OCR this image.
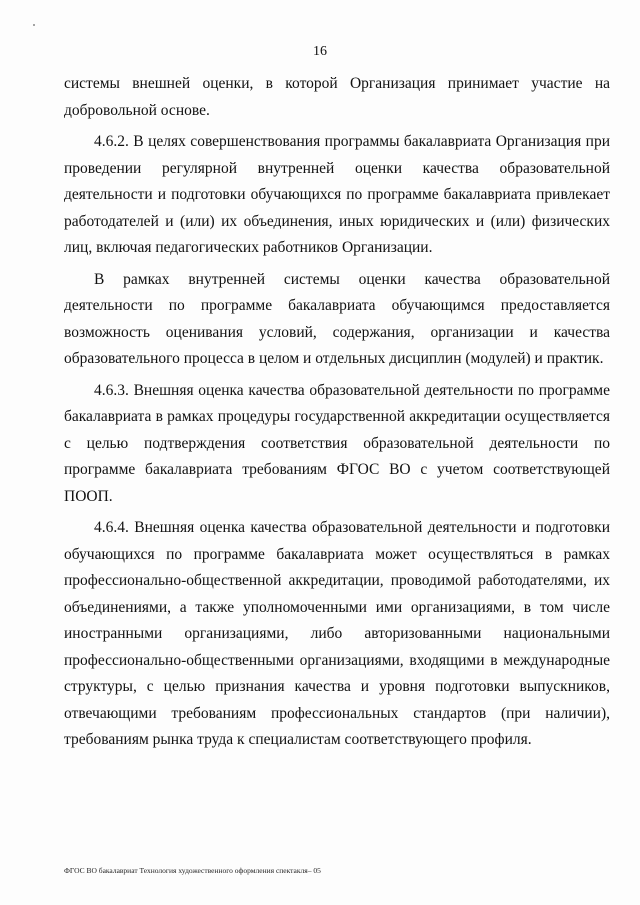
16

системы внешней оценки, в которой Организация принимает участие на добровольной основе.

4.6.2. В целях совершенствования программы бакалавриата Организация при проведении регулярной внутренней оценки качества образовательной деятельности и подготовки обучающихся по программе бакалавриата привлекает работодателей и (или) их объединения, иных юридических и (или) физических лиц, включая педагогических работников Организации.

В рамках внутренней системы оценки качества образовательной деятельности по программе бакалавриата обучающимся предоставляется возможность оценивания условий, содержания, организации и качества образовательного процесса в целом и отдельных дисциплин (модулей) и практик.

4.6.3. Внешняя оценка качества образовательной деятельности по программе бакалавриата в рамках процедуры государственной аккредитации осуществляется с целью подтверждения соответствия образовательной деятельности по программе бакалавриата требованиям ФГОС ВО с учетом соответствующей ПООП.

4.6.4. Внешняя оценка качества образовательной деятельности и подготовки обучающихся по программе бакалавриата может осуществляться в рамках профессионально-общественной аккредитации, проводимой работодателями, их объединениями, а также уполномоченными ими организациями, в том числе иностранными организациями, либо авторизованными национальными профессионально-общественными организациями, входящими в международные структуры, с целью признания качества и уровня подготовки выпускников, отвечающими требованиям профессиональных стандартов (при наличии), требованиям рынка труда к специалистам соответствующего профиля.

ФГОС ВО бакалавриат Технология художественного оформления спектакля– 05
